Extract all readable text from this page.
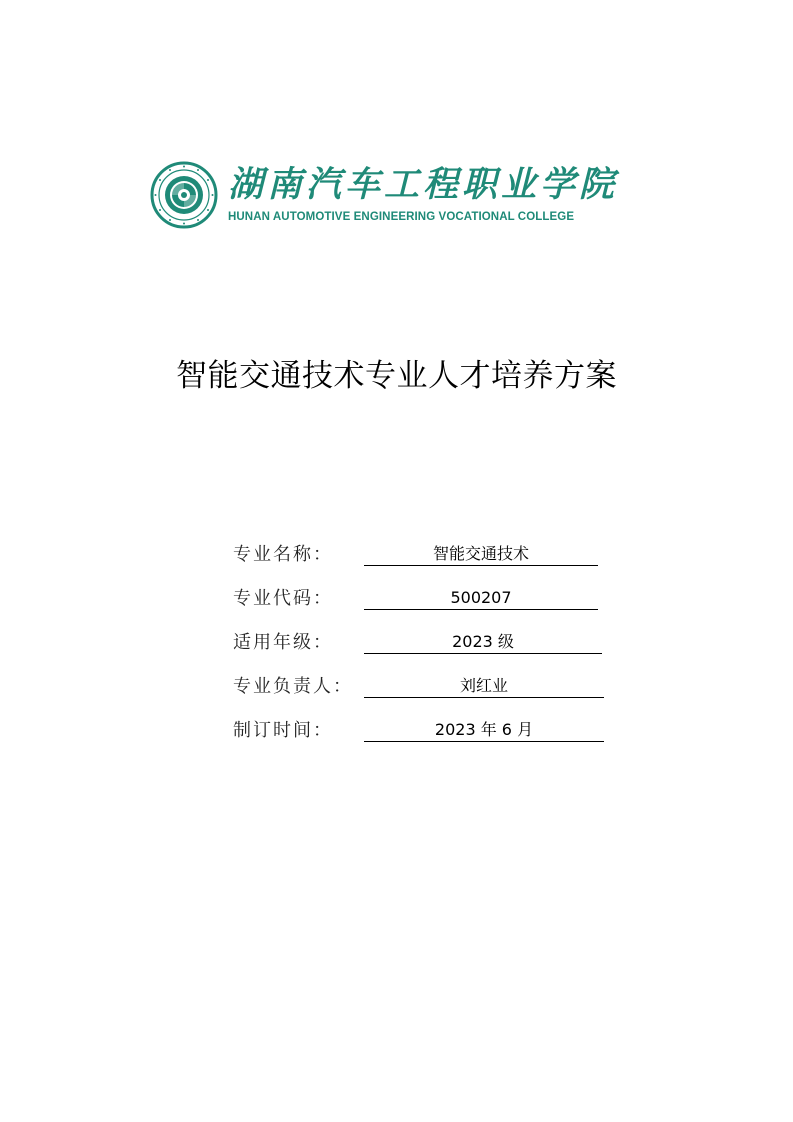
湖南汽车工程职业学院
HUNAN AUTOMOTIVE ENGINEERING VOCATIONAL COLLEGE
智能交通技术专业人才培养方案
专业名称：	智能交通技术
专业代码：	500207
适用年级：	2023 级
专业负责人：	刘红业
制订时间：	2023 年 6 月
